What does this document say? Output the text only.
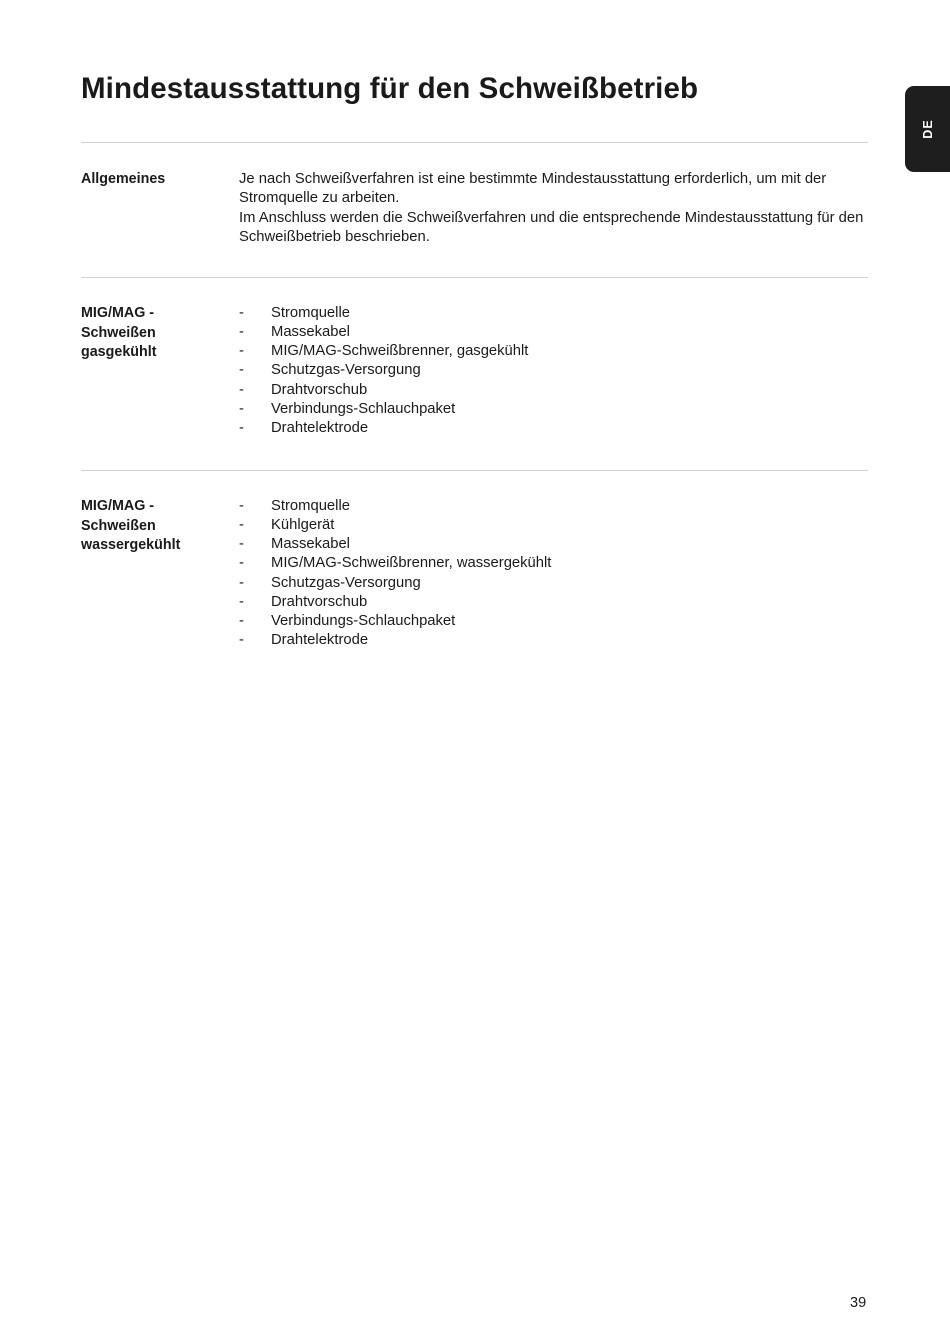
Mindestausstattung für den Schweißbetrieb
DE
Allgemeines	Je nach Schweißverfahren ist eine bestimmte Mindestausstattung erforderlich, um mit der Stromquelle zu arbeiten.

Im Anschluss werden die Schweißverfahren und die entsprechende Mindestausstattung für den Schweißbetrieb beschrieben.

MIG/MAG -
Schweißen
gasgekühlt
- Stromquelle
- Massekabel
- MIG/MAG-Schweißbrenner, gasgekühlt
- Schutzgas-Versorgung
- Drahtvorschub
- Verbindungs-Schlauchpaket
- Drahtelektrode
MIG/MAG -
Schweißen
wassergekühlt
- Stromquelle
- Kühlgerät
- Massekabel
- MIG/MAG-Schweißbrenner, wassergekühlt
- Schutzgas-Versorgung
- Drahtvorschub
- Verbindungs-Schlauchpaket
- Drahtelektrode
39
